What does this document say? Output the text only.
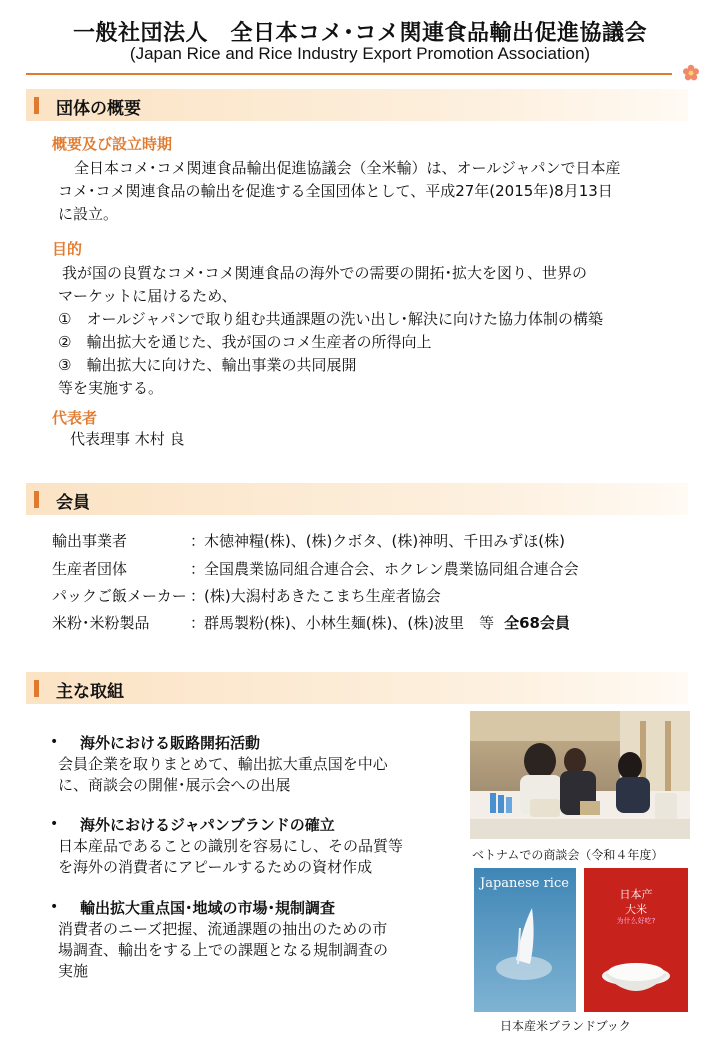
一般社団法人　全日本コメ･コメ関連食品輸出促進協議会
(Japan Rice and Rice Industry Export Promotion Association)
団体の概要
概要及び設立時期
全日本コメ･コメ関連食品輸出促進協議会（全米輸）は、オールジャパンで日本産
コメ･コメ関連食品の輸出を促進する全国団体として、平成27年(2015年)8月13日
に設立。
目的
我が国の良質なコメ･コメ関連食品の海外での需要の開拓･拡大を図り、世界の
マーケットに届けるため、
①　オールジャパンで取り組む共通課題の洗い出し･解決に向けた協力体制の構築
②　輸出拡大を通じた、我が国のコメ生産者の所得向上
③　輸出拡大に向けた、輸出事業の共同展開
等を実施する。
代表者
代表理事 木村 良
会員
輸出事業者	：木徳神糧(株)、(株)クボタ、(株)神明、千田みずほ(株)
生産者団体	：全国農業協同組合連合会、ホクレン農業協同組合連合会
パックご飯メーカー ：(株)大潟村あきたこまち生産者協会
米粉･米粉製品	：群馬製粉(株)、小林生麺(株)、(株)波里　等 全68会員
主な取組
• 海外における販路開拓活動
会員企業を取りまとめて、輸出拡大重点国を中心
に、商談会の開催･展示会への出展
• 海外におけるジャパンブランドの確立
日本産品であることの識別を容易にし、その品質等
を海外の消費者にアピールするための資材作成
• 輸出拡大重点国･地域の市場･規制調査
消費者のニーズ把握、流通課題の抽出のための市
場調査、輸出をする上での課題となる規制調査の
実施
ベトナムでの商談会（令和４年度）
Japanese rice
日本产
大米
为什么好吃?
日本産米ブランドブック
